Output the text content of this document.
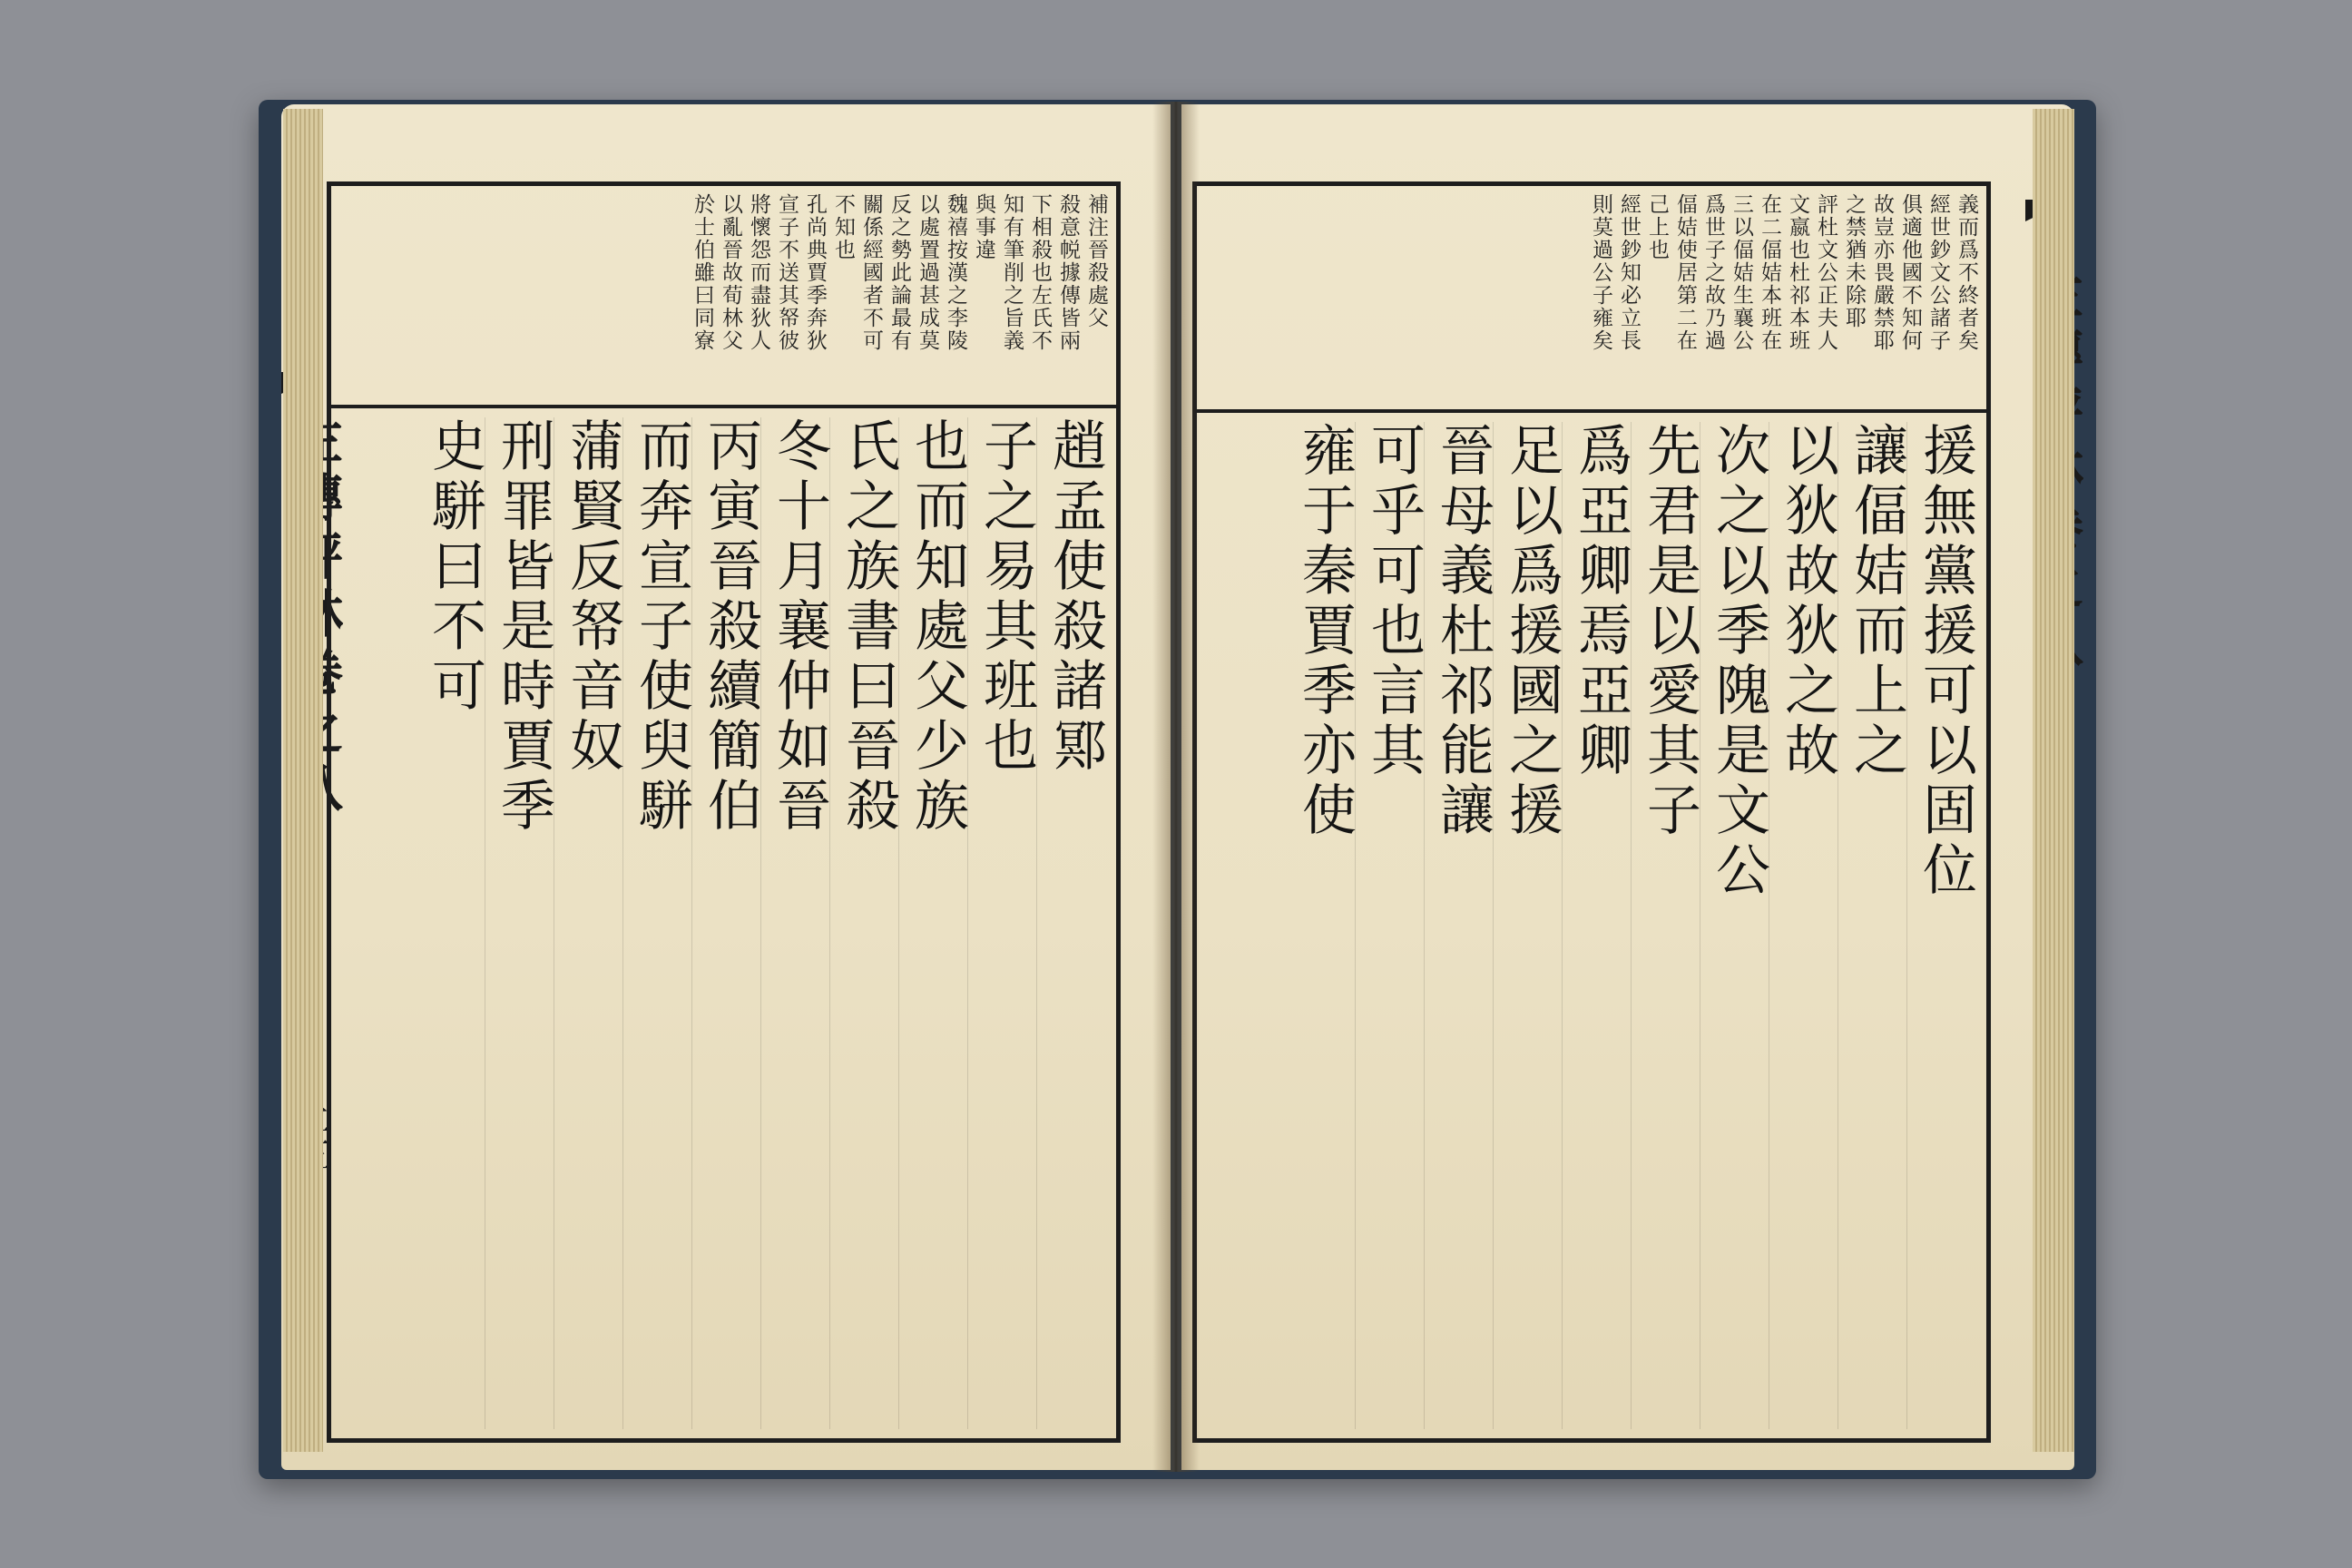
補注晉殺處父
殺意帨據傳皆兩
下相殺也左氏不
知有筆削之旨義
與事違
魏禧按漢之李陵
以處置過甚成莫
反之勢此論最有
關係經國者不可
不知也
孔尚典賈季奔狄
宣子不送其帑彼
將懷怨而盡狄人
以亂晉故荀林父
於士伯雖曰同寮
趙孟使殺諸鄍
子之易其班也
也而知處父少族
氏之族書曰晉殺
冬十月襄仲如晉
丙寅晉殺續簡伯
而奔宣子使臾駢
蒲賢反帑音奴
刑罪皆是時賈季
史駢曰不可
義而爲不終者矣
經世鈔文公諸子
俱適他國不知何
故豈亦畏嚴禁耶
之禁猶未除耶
評杜文公正夫人
文嬴也杜祁本班
在二偪姞本班在
三以偪姞生襄公
爲世子之故乃過
偪姞使居第二在
己上也
經世鈔知必立長
則莫過公子雍矣
援無黨援可以固位
讓偪姞而上之
以狄故狄之故
次之以季隗是文公
先君是以愛其子
爲亞卿焉亞卿
足以爲援國之援
晉母義杜祁能讓
可乎可也言其
雍于秦賈季亦使
